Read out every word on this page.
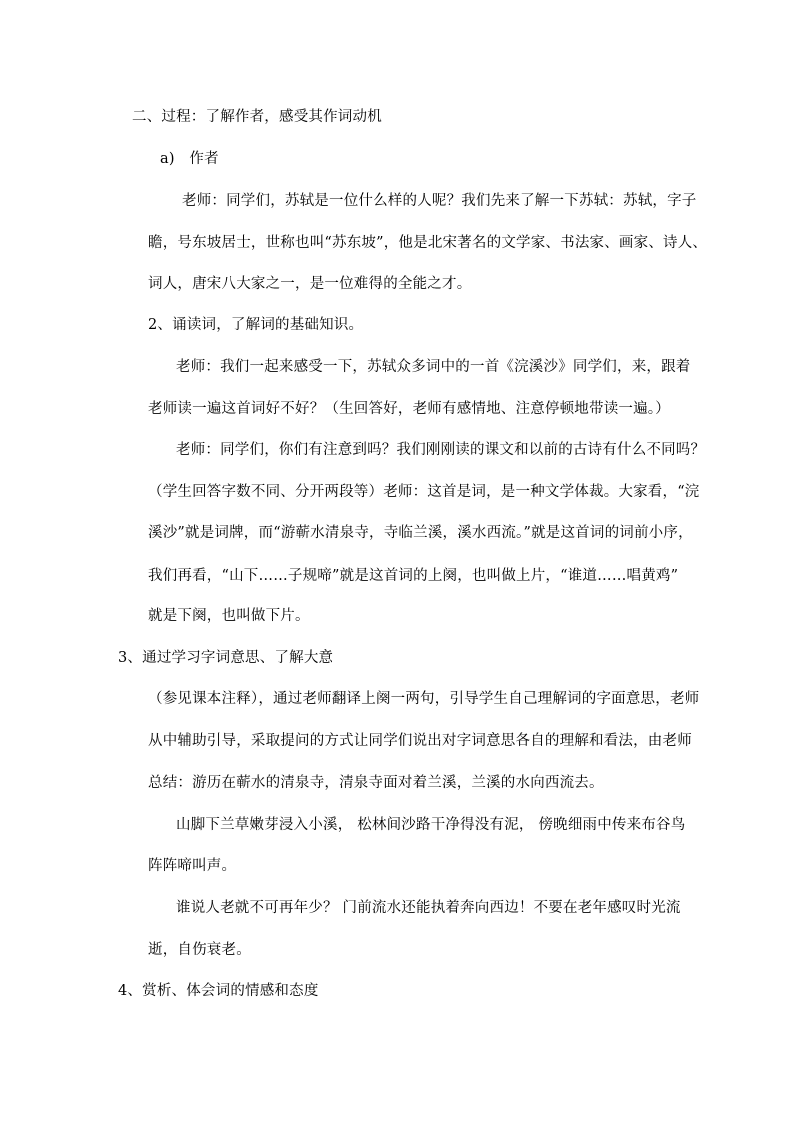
二、过程：了解作者，感受其作词动机
a)　作者
老师：同学们，苏轼是一位什么样的人呢？我们先来了解一下苏轼：苏轼，字子
瞻，号东坡居士，世称也叫“苏东坡”，他是北宋著名的文学家、书法家、画家、诗人、
词人，唐宋八大家之一，是一位难得的全能之才。
2、诵读词，了解词的基础知识。
老师：我们一起来感受一下，苏轼众多词中的一首《浣溪沙》同学们，来，跟着
老师读一遍这首词好不好？（生回答好，老师有感情地、注意停顿地带读一遍。）
老师：同学们，你们有注意到吗？我们刚刚读的课文和以前的古诗有什么不同吗？
（学生回答字数不同、分开两段等）老师：这首是词，是一种文学体裁。大家看，“浣
溪沙”就是词牌，而“游蕲水清泉寺，寺临兰溪，溪水西流。”就是这首词的词前小序，
我们再看，“山下……子规啼”就是这首词的上阕，也叫做上片，“谁道……唱黄鸡”
就是下阕，也叫做下片。
3、通过学习字词意思、了解大意
（参见课本注释），通过老师翻译上阕一两句，引导学生自己理解词的字面意思，老师
从中辅助引导，采取提问的方式让同学们说出对字词意思各自的理解和看法，由老师
总结：游历在蕲水的清泉寺，清泉寺面对着兰溪，兰溪的水向西流去。
山脚下兰草嫩芽浸入小溪， 松林间沙路干净得没有泥， 傍晚细雨中传来布谷鸟
阵阵啼叫声。
谁说人老就不可再年少？ 门前流水还能执着奔向西边！不要在老年感叹时光流
逝，自伤衰老。
4、赏析、体会词的情感和态度
